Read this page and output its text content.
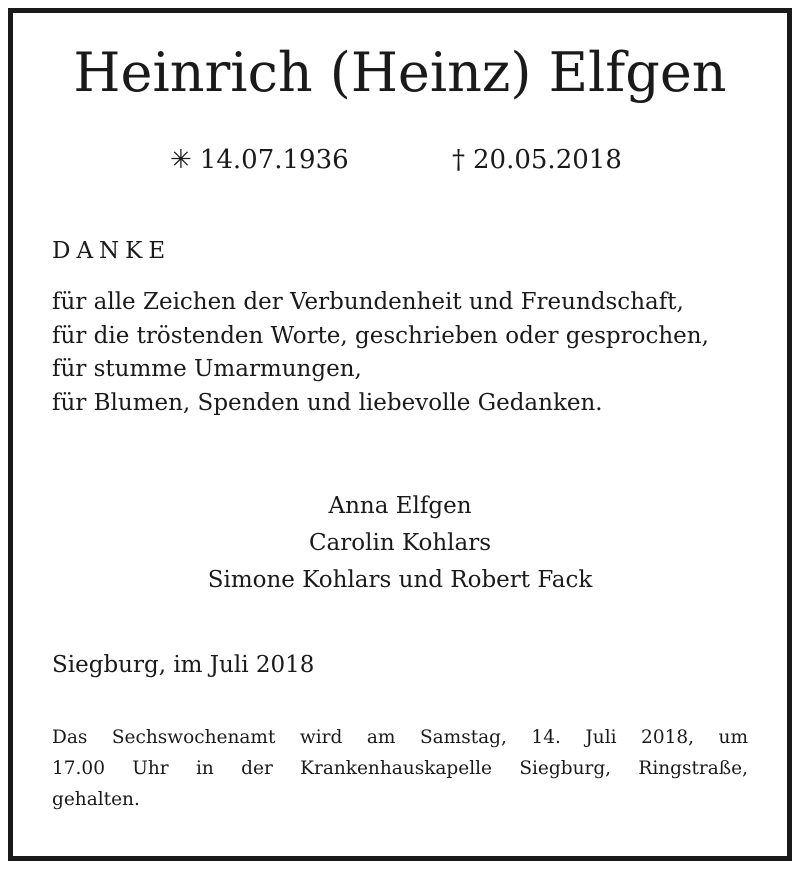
Heinrich (Heinz) Elfgen
✳ 14.07.1936	† 20.05.2018
DANKE
für alle Zeichen der Verbundenheit und Freundschaft,
für die tröstenden Worte, geschrieben oder gesprochen,
für stumme Umarmungen,
für Blumen, Spenden und liebevolle Gedanken.
Anna Elfgen
Carolin Kohlars
Simone Kohlars und Robert Fack
Siegburg, im Juli 2018
Das Sechswochenamt wird am Samstag, 14. Juli 2018, um
17.00 Uhr in der Krankenhauskapelle Siegburg, Ringstraße,
gehalten.
